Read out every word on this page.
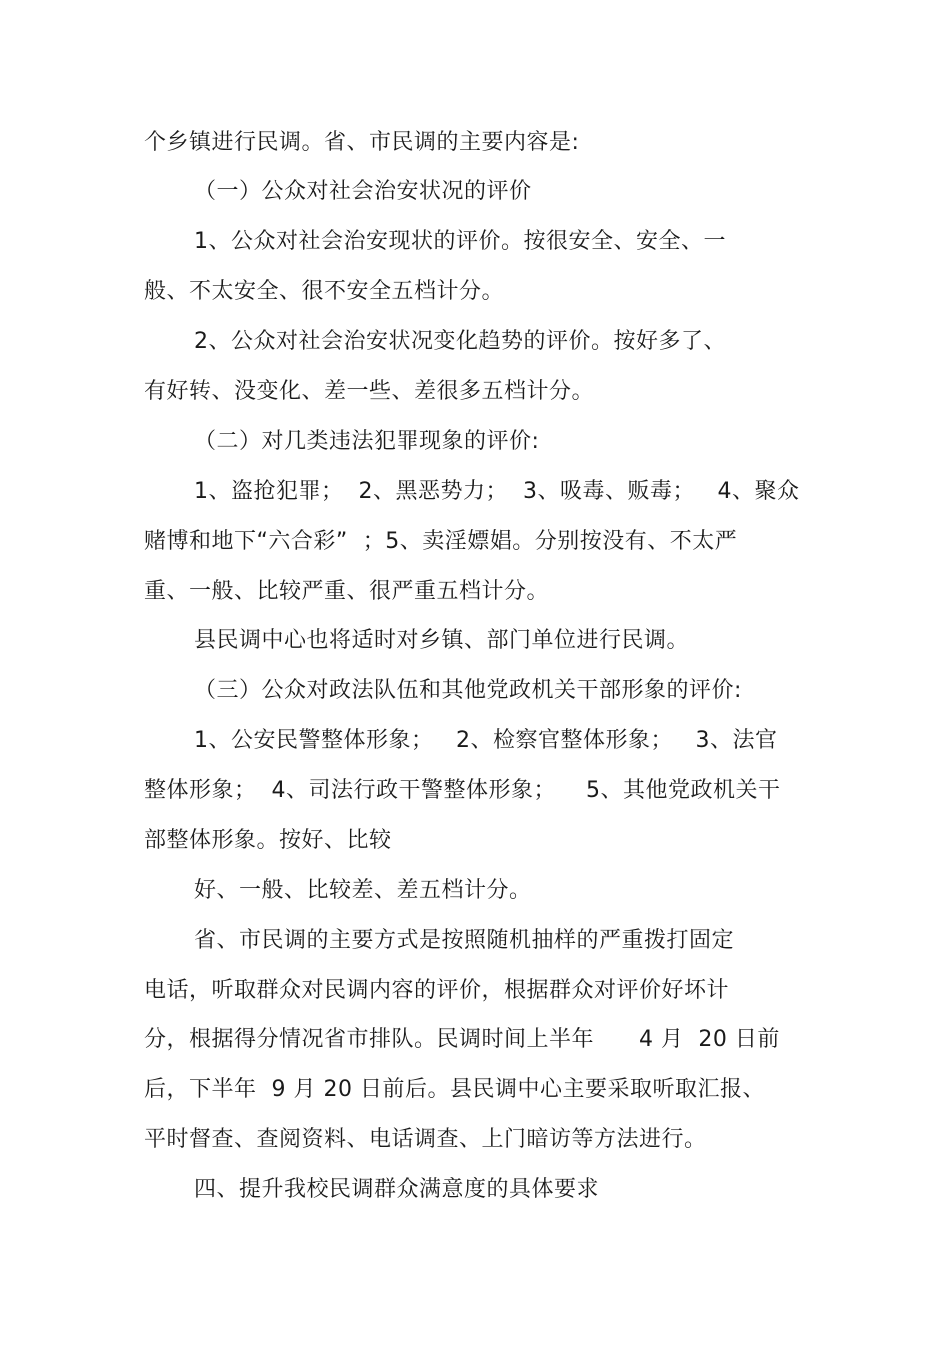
个乡镇进行民调。省、市民调的主要内容是:
（一）公众对社会治安状况的评价
1、公众对社会治安现状的评价。按很安全、安全、一
般、不太安全、很不安全五档计分。
2、公众对社会治安状况变化趋势的评价。按好多了、
有好转、没变化、差一些、差很多五档计分。
（二）对几类违法犯罪现象的评价:
1、盗抢犯罪；  2、黑恶势力；  3、吸毒、贩毒；   4、聚众
赌博和地下“六合彩”  ；5、卖淫嫖娼。分别按没有、不太严
重、一般、比较严重、很严重五档计分。
县民调中心也将适时对乡镇、部门单位进行民调。
（三）公众对政法队伍和其他党政机关干部形象的评价:
1、公安民警整体形象；   2、检察官整体形象；   3、法官
整体形象；  4、司法行政干警整体形象；    5、其他党政机关干
部整体形象。按好、比较
好、一般、比较差、差五档计分。
省、市民调的主要方式是按照随机抽样的严重拨打固定
电话，听取群众对民调内容的评价，根据群众对评价好坏计
分，根据得分情况省市排队。民调时间上半年      4 月  20 日前
后，下半年  9 月 20 日前后。县民调中心主要采取听取汇报、
平时督查、查阅资料、电话调查、上门暗访等方法进行。
四、提升我校民调群众满意度的具体要求
